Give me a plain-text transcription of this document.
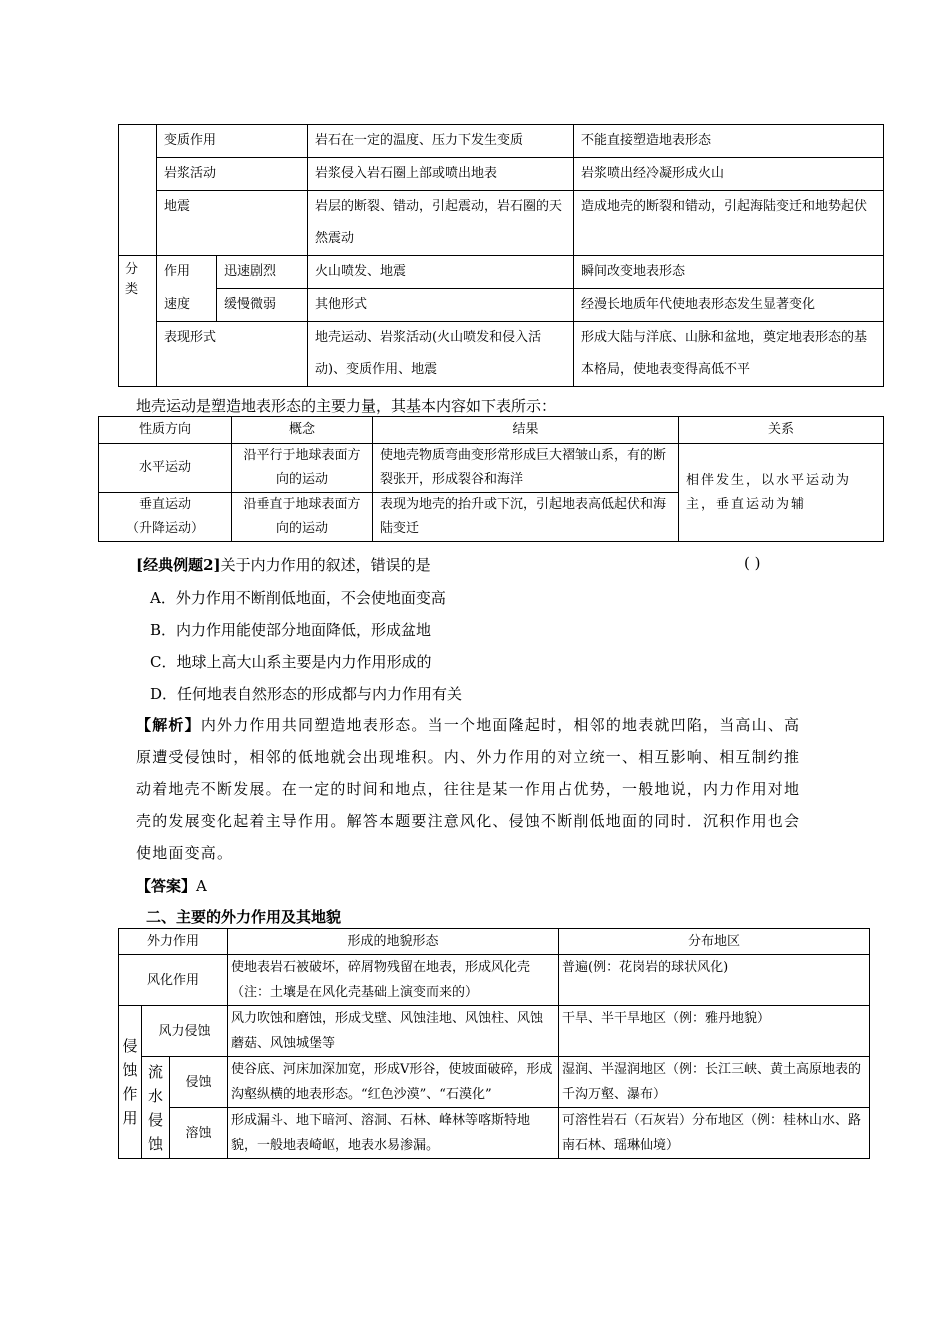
	变质作用		岩石在一定的温度、压力下发生变质	不能直接塑造地表形态
	岩浆活动		岩浆侵入岩石圈上部或喷出地表	岩浆喷出经冷凝形成火山
	地震		岩层的断裂、错动，引起震动，岩石圈的天然震动	造成地壳的断裂和错动，引起海陆变迁和地势起伏
分类	作用	迅速剧烈	火山喷发、地震	瞬间改变地表形态
	速度	缓慢微弱	其他形式	经漫长地质年代使地表形态发生显著变化
	表现形式		地壳运动、岩浆活动(火山喷发和侵入活动)、变质作用、地震	形成大陆与洋底、山脉和盆地，奠定地表形态的基本格局，使地表变得高低不平
地壳运动是塑造地表形态的主要力量，其基本内容如下表所示：
性质方向	概念	结果	关系
水平运动	沿平行于地球表面方向的运动	使地壳物质弯曲变形常形成巨大褶皱山系，有的断裂张开，形成裂谷和海洋	相伴发生，以水平运动为主，垂直运动为辅

垂直运动
（升降运动）	沿垂直于地球表面方向的运动	表现为地壳的抬升或下沉，引起地表高低起伏和海陆变迁	
[经典例题2]关于内力作用的叙述，错误的是	( )
A．外力作用不断削低地面，不会使地面变高
B．内力作用能使部分地面降低，形成盆地
C．地球上高大山系主要是内力作用形成的
D．任何地表自然形态的形成都与内力作用有关
【解析】内外力作用共同塑造地表形态。当一个地面隆起时，相邻的地表就凹陷，当高山、高原遭受侵蚀时，相邻的低地就会出现堆积。内、外力作用的对立统一、相互影响、相互制约推动着地壳不断发展。在一定的时间和地点，往往是某一作用占优势，一般地说，内力作用对地壳的发展变化起着主导作用。解答本题要注意风化、侵蚀不断削低地面的同时．沉积作用也会使地面变高。
【答案】A
二、主要的外力作用及其地貌
外力作用			形成的地貌形态	分布地区
风化作用			使地表岩石被破坏，碎屑物残留在地表，形成风化壳（注：土壤是在风化壳基础上演变而来的）	普遍(例：花岗岩的球状风化)
侵蚀作用	风力侵蚀		风力吹蚀和磨蚀，形成戈壁、风蚀洼地、风蚀柱、风蚀蘑菇、风蚀城堡等	干旱、半干旱地区（例：雅丹地貌）
	流水侵蚀	侵蚀	使谷底、河床加深加宽，形成V形谷，使坡面破碎，形成沟壑纵横的地表形态。“红色沙漠”、“石漠化”	湿润、半湿润地区（例：长江三峡、黄土高原地表的千沟万壑、瀑布）
		溶蚀	形成漏斗、地下暗河、溶洞、石林、峰林等喀斯特地貌，一般地表崎岖，地表水易渗漏。	可溶性岩石（石灰岩）分布地区（例：桂林山水、路南石林、瑶琳仙境）
